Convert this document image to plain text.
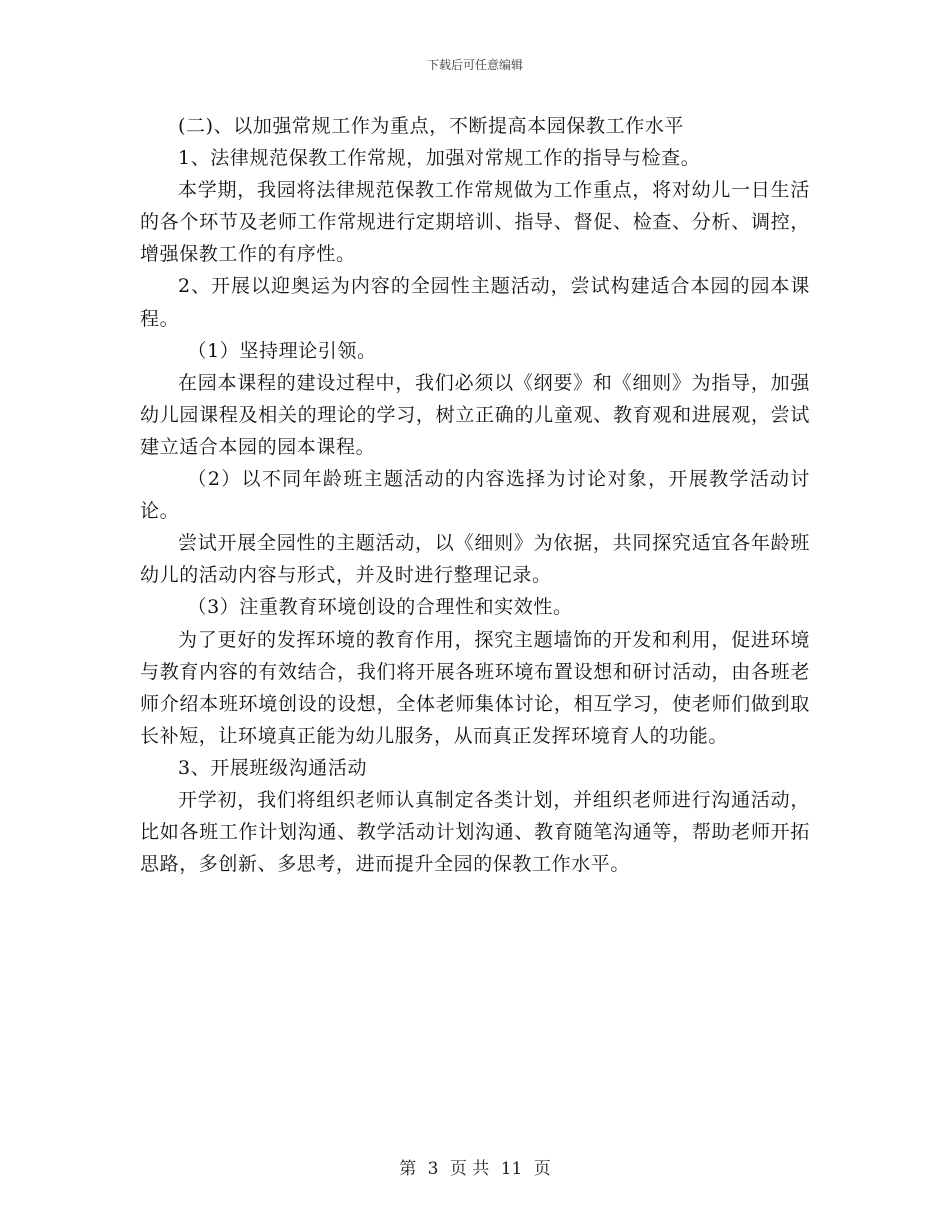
下载后可任意编辑

(二)、以加强常规工作为重点，不断提高本园保教工作水平

1、法律规范保教工作常规，加强对常规工作的指导与检查。

本学期，我园将法律规范保教工作常规做为工作重点，将对幼儿一日生活的各个环节及老师工作常规进行定期培训、指导、督促、检查、分析、调控，增强保教工作的有序性。

2、开展以迎奥运为内容的全园性主题活动，尝试构建适合本园的园本课程。

（1）坚持理论引领。

在园本课程的建设过程中，我们必须以《纲要》和《细则》为指导，加强幼儿园课程及相关的理论的学习，树立正确的儿童观、教育观和进展观，尝试建立适合本园的园本课程。

（2）以不同年龄班主题活动的内容选择为讨论对象，开展教学活动讨论。

尝试开展全园性的主题活动，以《细则》为依据，共同探究适宜各年龄班幼儿的活动内容与形式，并及时进行整理记录。

（3）注重教育环境创设的合理性和实效性。

为了更好的发挥环境的教育作用，探究主题墙饰的开发和利用，促进环境与教育内容的有效结合，我们将开展各班环境布置设想和研讨活动，由各班老师介绍本班环境创设的设想，全体老师集体讨论，相互学习，使老师们做到取长补短，让环境真正能为幼儿服务，从而真正发挥环境育人的功能。

3、开展班级沟通活动

开学初，我们将组织老师认真制定各类计划，并组织老师进行沟通活动，比如各班工作计划沟通、教学活动计划沟通、教育随笔沟通等，帮助老师开拓思路，多创新、多思考，进而提升全园的保教工作水平。

第 3 页 共 11 页
